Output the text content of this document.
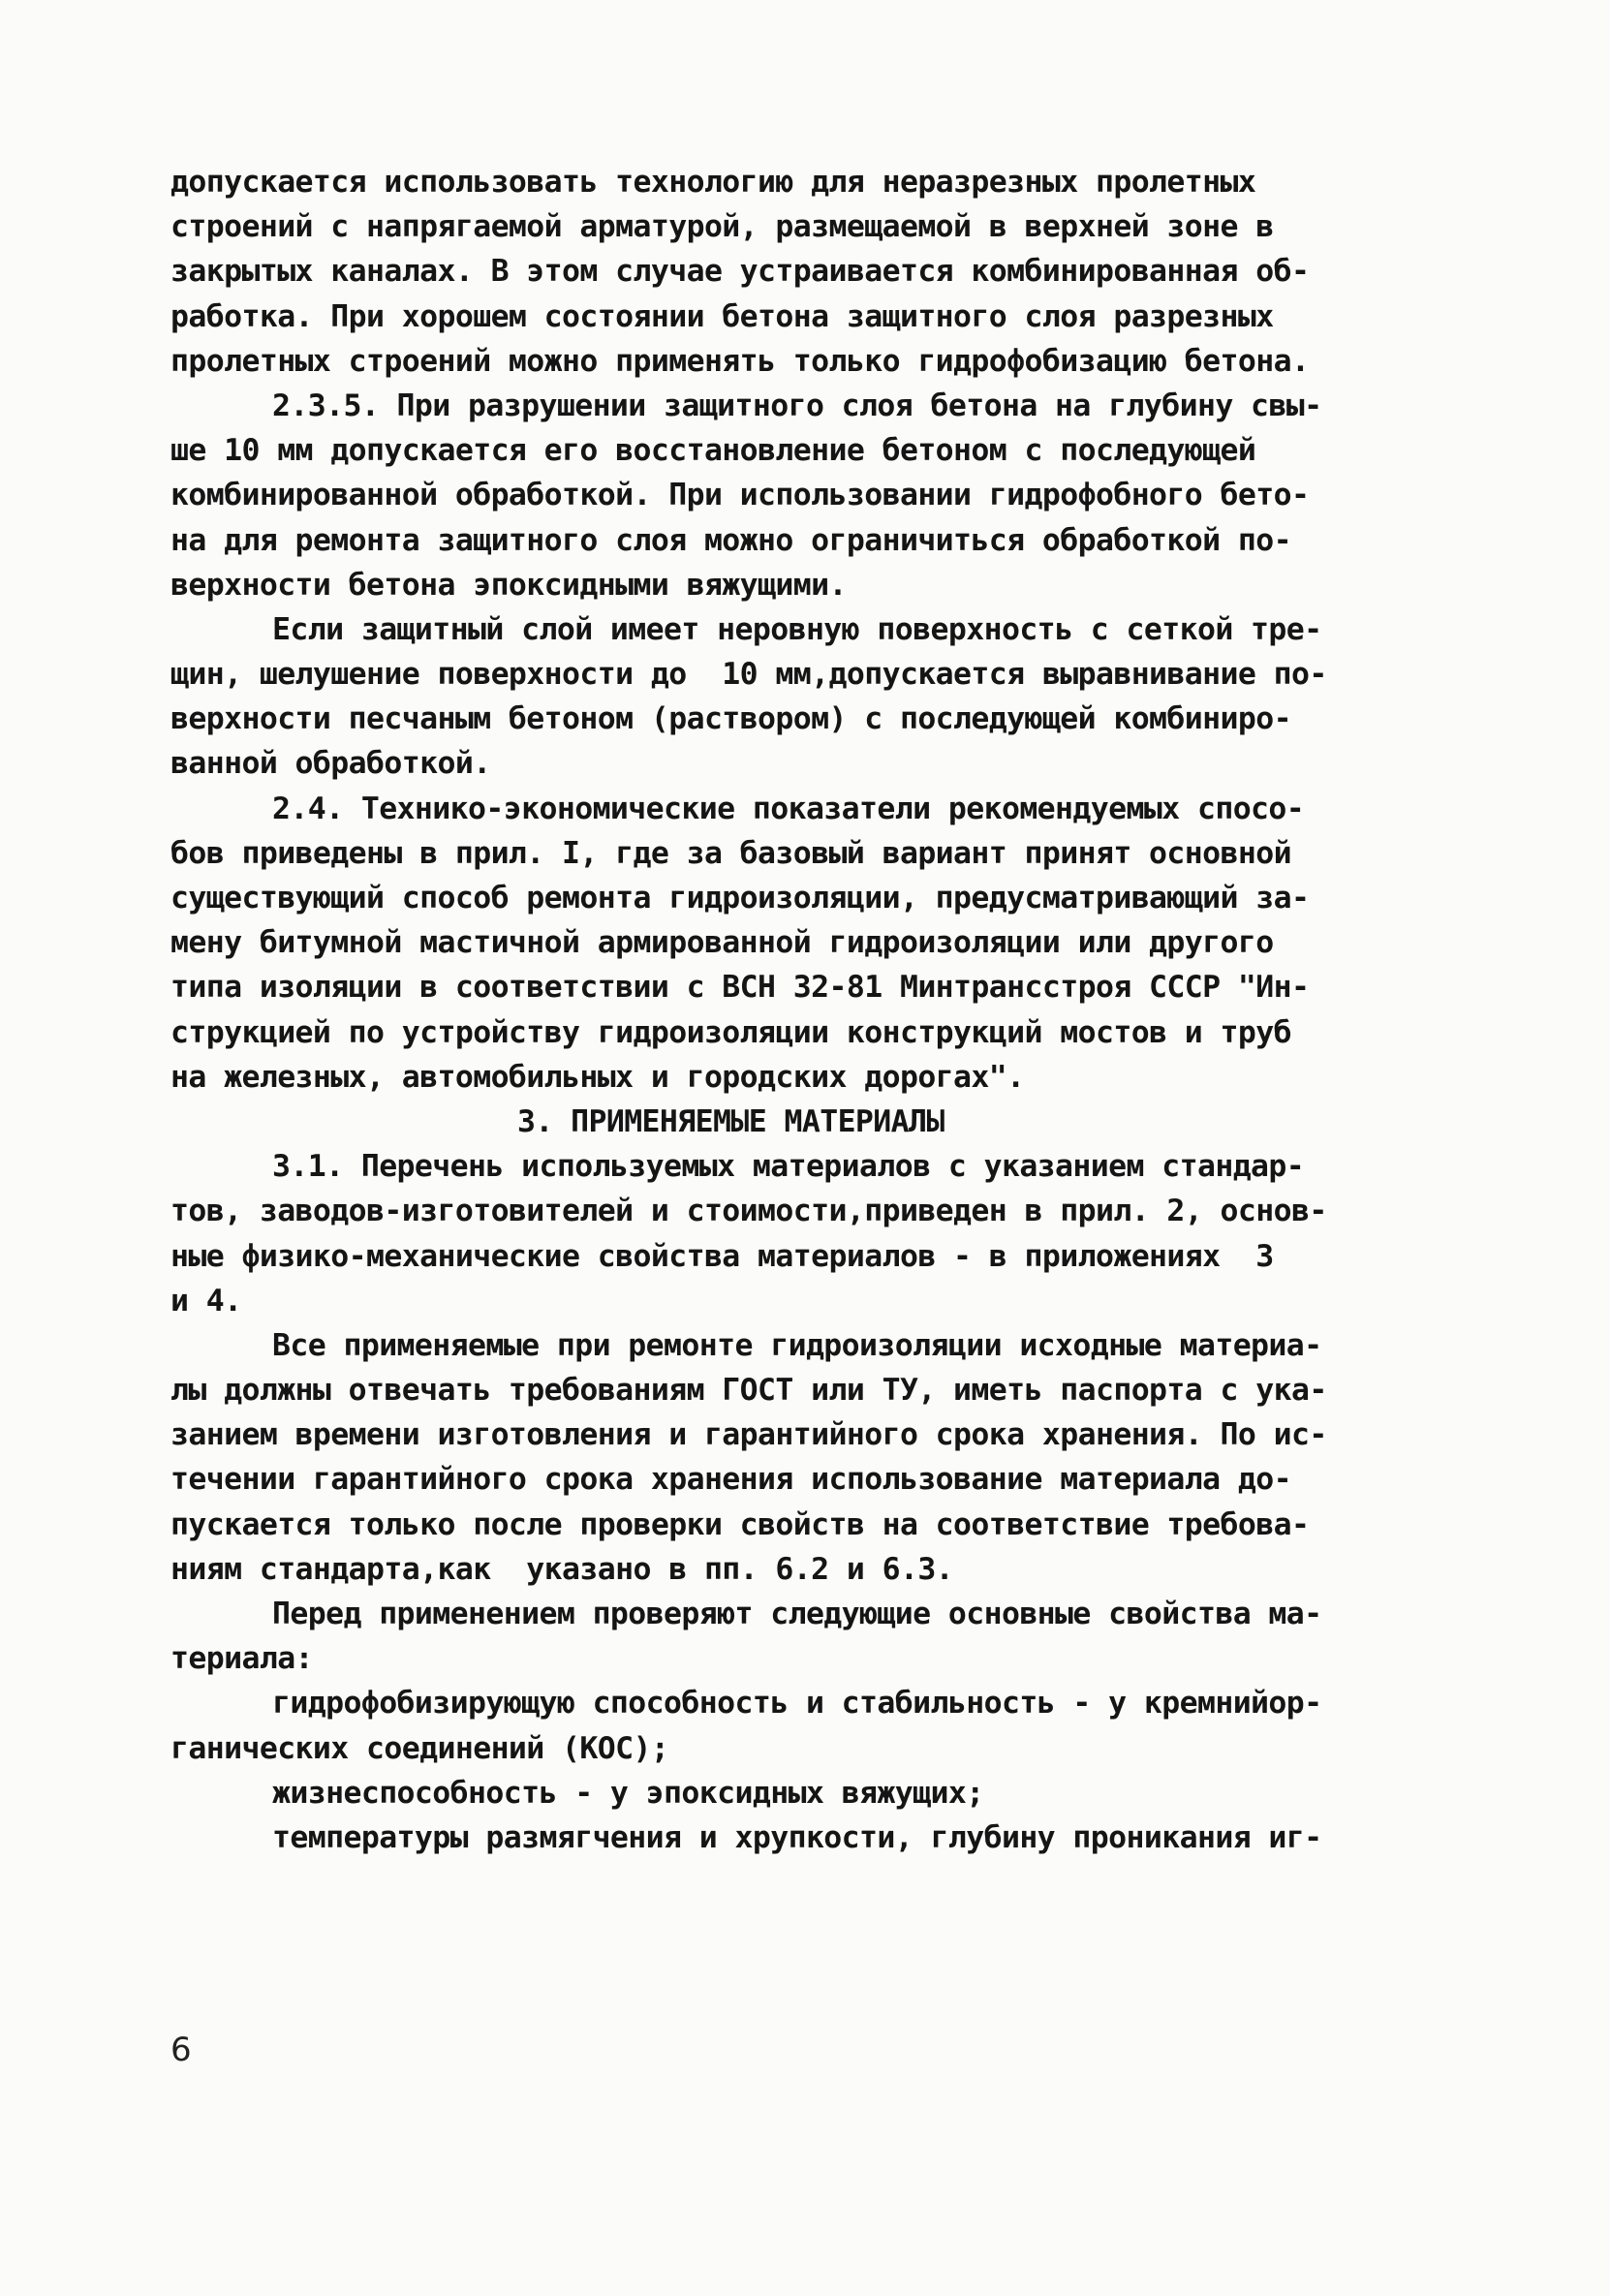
допускается использовать технологию для неразрезных пролетных
строений с напрягаемой арматурой, размещаемой в верхней зоне в
закрытых каналах. В этом случае устраивается комбинированная об-
работка. При хорошем состоянии бетона защитного слоя разрезных
пролетных строений можно применять только гидрофобизацию бетона.
2.3.5. При разрушении защитного слоя бетона на глубину свы-
ше 10 мм допускается его восстановление бетоном с последующей
комбинированной обработкой. При использовании гидрофобного бето-
на для ремонта защитного слоя можно ограничиться обработкой по-
верхности бетона эпоксидными вяжущими.
Если защитный слой имеет неровную поверхность с сеткой тре-
щин, шелушение поверхности до  10 мм,допускается выравнивание по-
верхности песчаным бетоном (раствором) с последующей комбиниро-
ванной обработкой.
2.4. Технико-экономические показатели рекомендуемых спосо-
бов приведены в прил. I, где за базовый вариант принят основной
существующий способ ремонта гидроизоляции, предусматривающий за-
мену битумной мастичной армированной гидроизоляции или другого
типа изоляции в соответствии с ВСН 32-81 Минтрансстроя СССР "Ин-
струкцией по устройству гидроизоляции конструкций мостов и труб
на железных, автомобильных и городских дорогах".
3. ПРИМЕНЯЕМЫЕ МАТЕРИАЛЫ
3.1. Перечень используемых материалов с указанием стандар-
тов, заводов-изготовителей и стоимости,приведен в прил. 2, основ-
ные физико-механические свойства материалов - в приложениях  3
и 4.
Все применяемые при ремонте гидроизоляции исходные материа-
лы должны отвечать требованиям ГОСТ или ТУ, иметь паспорта с ука-
занием времени изготовления и гарантийного срока хранения. По ис-
течении гарантийного срока хранения использование материала до-
пускается только после проверки свойств на соответствие требова-
ниям стандарта,как  указано в пп. 6.2 и 6.3.
Перед применением проверяют следующие основные свойства ма-
териала:
гидрофобизирующую способность и стабильность - у кремнийор-
ганических соединений (КОС);
жизнеспособность - у эпоксидных вяжущих;
температуры размягчения и хрупкости, глубину проникания иг-
6
